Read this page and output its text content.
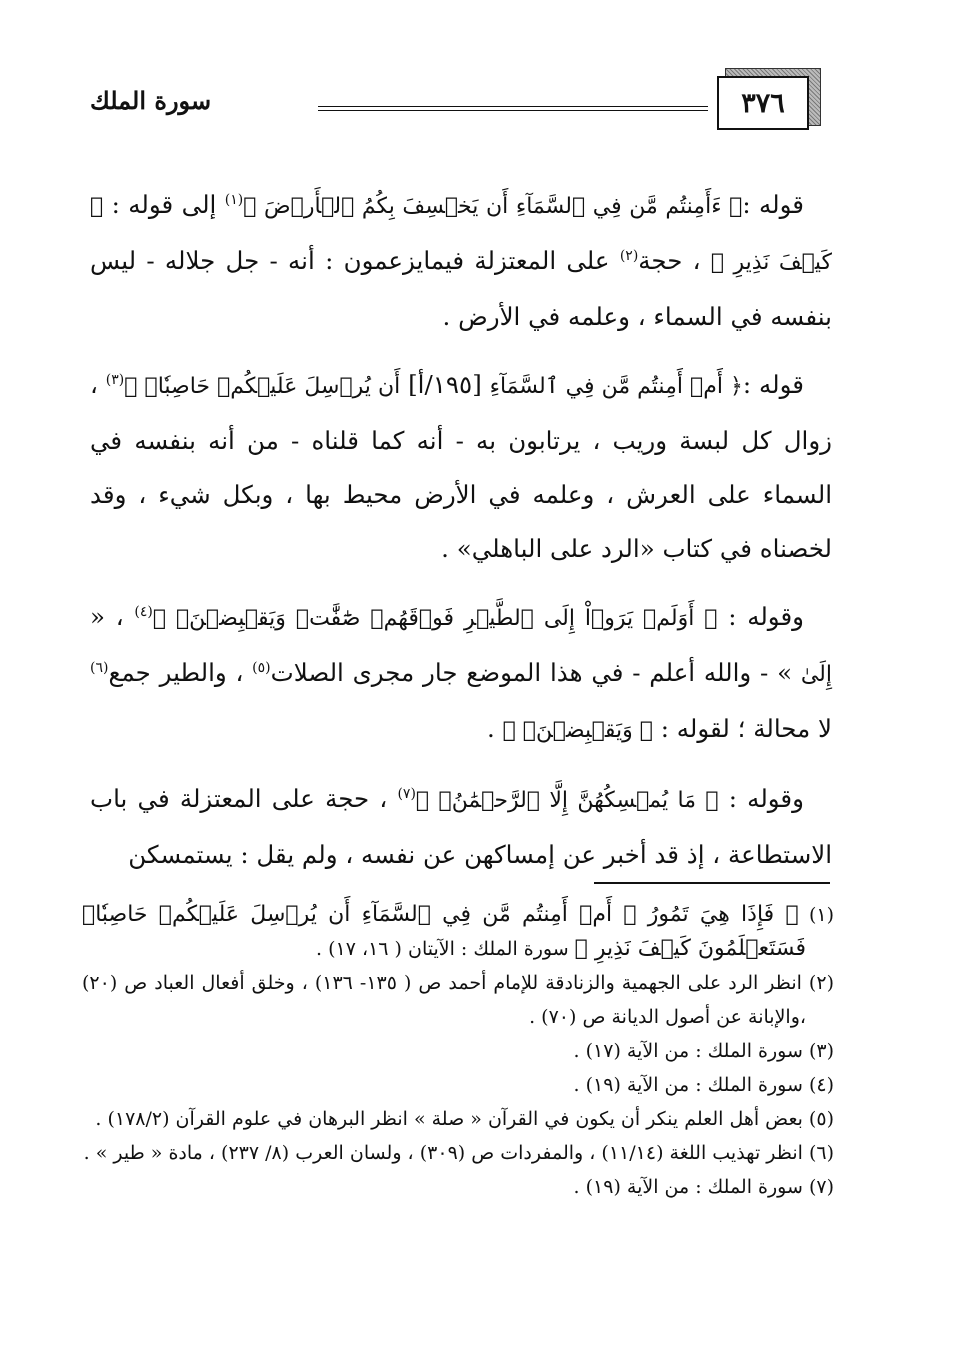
سورة الملك	٣٧٦

قوله :﴿ ءَأَمِنتُم مَّن فِي ٱلسَّمَآءِ أَن يَخۡسِفَ بِكُمُ ٱلۡأَرۡضَ ﴾$^{(١)}$ إلى قوله : ﴿ كَيۡفَ نَذِيرِ ﴾ ، حجة$^{(٢)}$ على المعتزلة فيمايزعمون : أنه - جل جلاله - ليس بنفسه في السماء ، وعلمه في الأرض .

قوله :﴿ أَمۡ أَمِنتُم مَّن فِي ٱلسَّمَآءِ [١٩٥/أ] أَن يُرۡسِلَ عَلَيۡكُمۡ حَاصِبٗاۖ ﴾$^{(٣)}$ ، زوال كل لبسة وريب ، يرتابون به - أنه كما قلناه - من أنه بنفسه في السماء على العرش ، وعلمه في الأرض محيط بها ، وبكل شيء ، وقد لخصناه في كتاب «الرد على الباهلي» .

وقوله : ﴿ أَوَلَمۡ يَرَوۡاْ إِلَى ٱلطَّيۡرِ فَوۡقَهُمۡ صَٰٓفَّٰتٖ وَيَقۡبِضۡنَۚ ﴾$^{(٤)}$ ، « إِلَىٰ » - والله أعلم - في هذا الموضع جار مجرى الصلات$^{(٥)}$ ، والطير جمع$^{(٦)}$ لا محالة ؛ لقوله : ﴿ وَيَقۡبِضۡنَۚ ﴾ .

وقوله : ﴿ مَا يُمۡسِكُهُنَّ إِلَّا ٱلرَّحۡمَٰنُۚ ﴾$^{(٧)}$ ، حجة على المعتزلة في باب الاستطاعة ، إذ قد أخبر عن إمساكهن عن نفسه ، ولم يقل : يستمسكن

(١) ﴿ فَإِذَا هِيَ تَمُورُ ۞ أَمۡ أَمِنتُم مَّن فِي ٱلسَّمَآءِ أَن يُرۡسِلَ عَلَيۡكُمۡ حَاصِبٗاۖ فَسَتَعۡلَمُونَ كَيۡفَ نَذِيرِ ﴾ سورة الملك : الآيتان ( ١٦، ١٧) .

(٢) انظر الرد على الجهمية والزنادقة للإمام أحمد ص ( ١٣٥- ١٣٦) ، وخلق أفعال العباد ص (٢٠) ،والإبانة عن أصول الديانة ص (٧٠) .

(٣) سورة الملك : من الآية (١٧) .

(٤) سورة الملك : من الآية (١٩) .

(٥) بعض أهل العلم ينكر أن يكون في القرآن « صلة » انظر البرهان في علوم القرآن (١٧٨/٢) .

(٦) انظر تهذيب اللغة (١١/١٤) ، والمفردات ص (٣٠٩) ، ولسان العرب (٨/ ٢٣٧) ، مادة « طير » .

(٧) سورة الملك : من الآية (١٩) .
